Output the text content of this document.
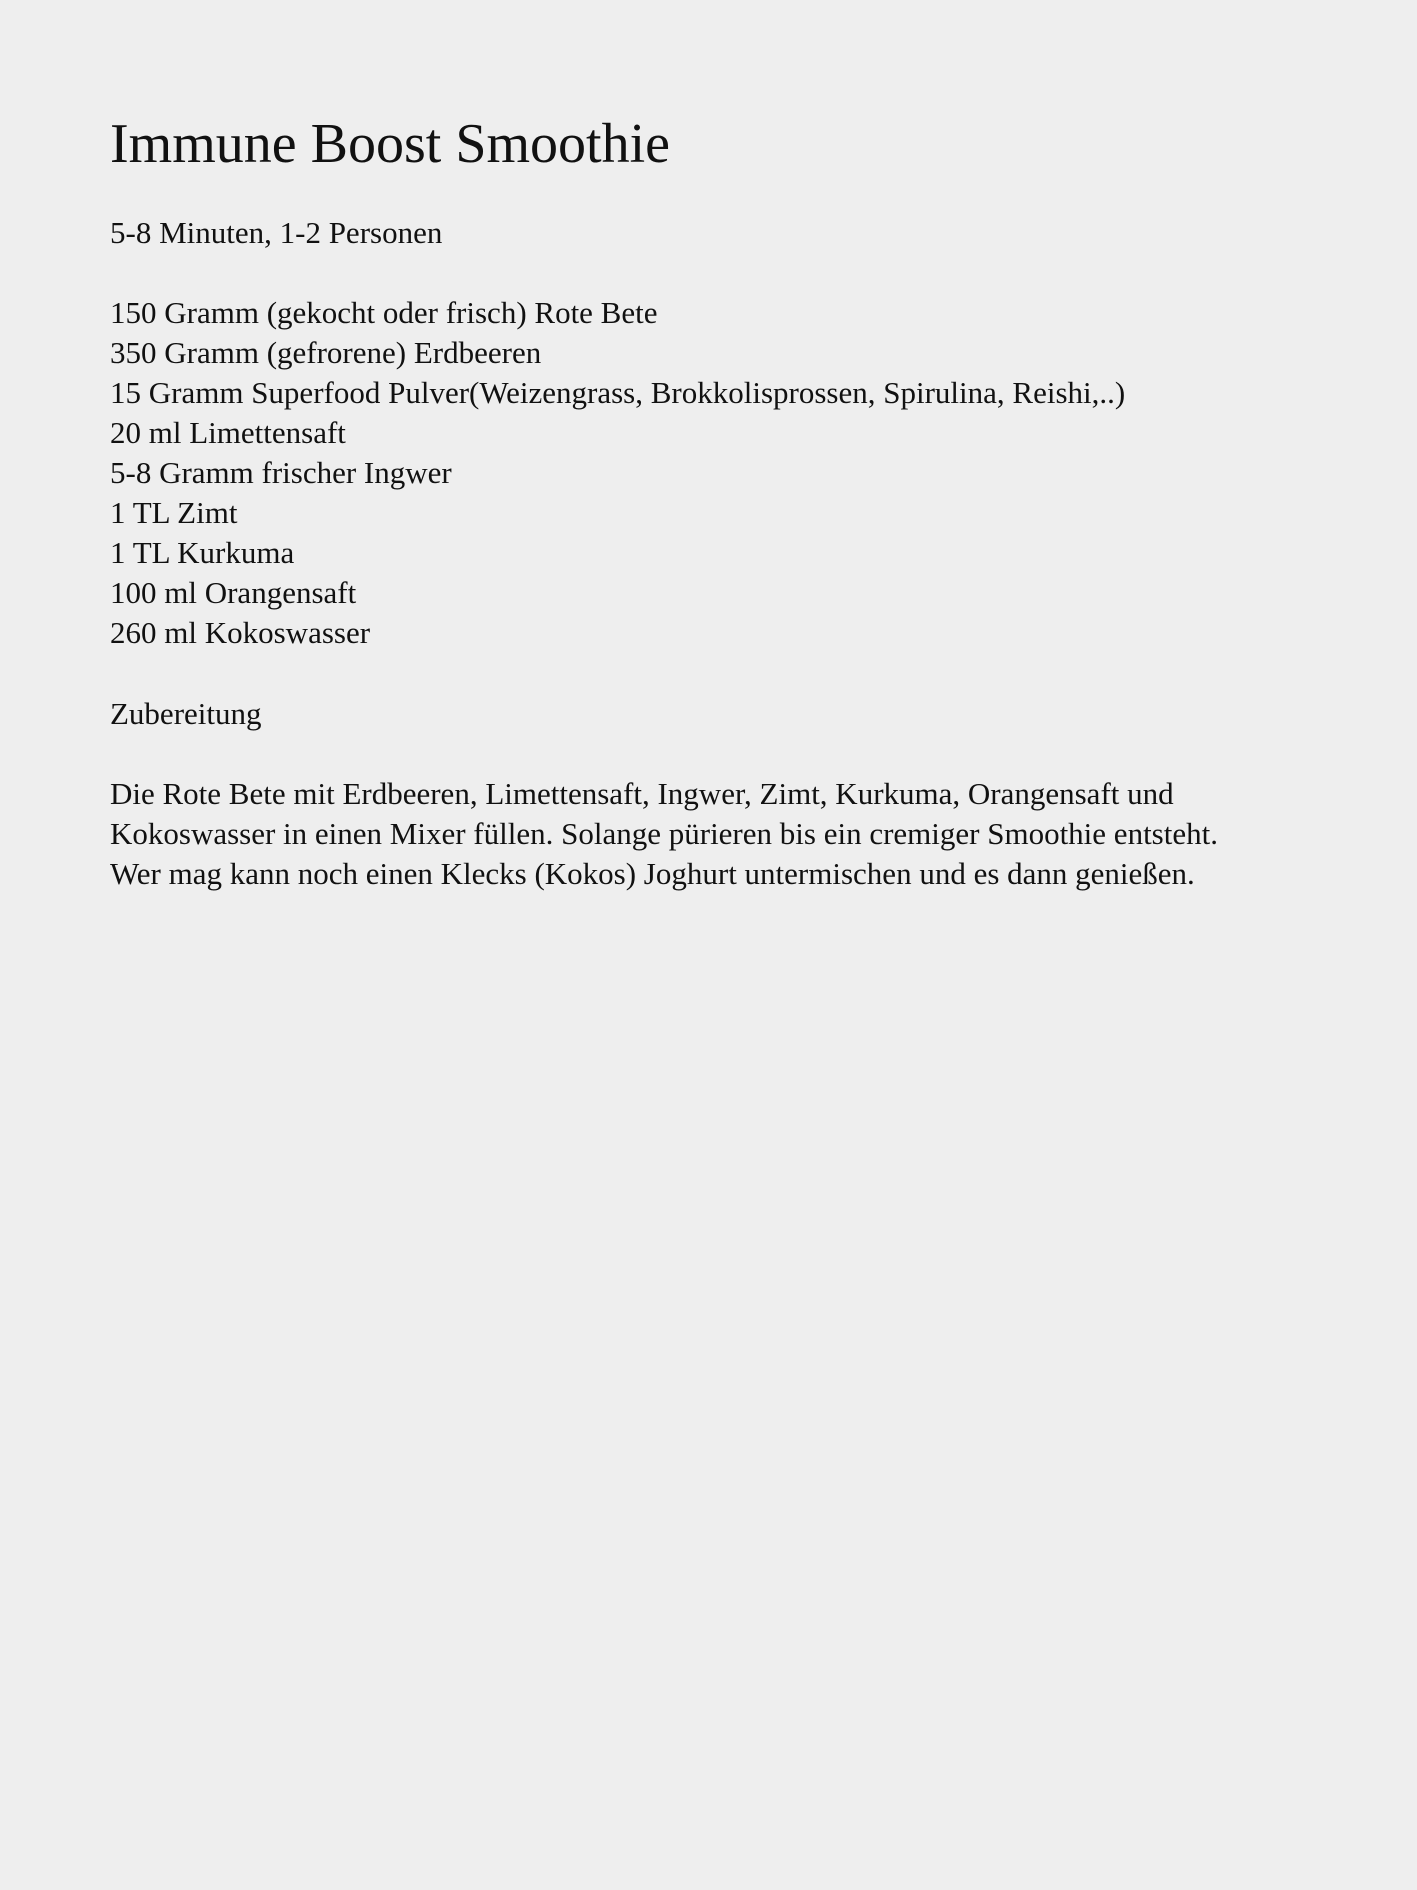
Immune Boost Smoothie

5-8 Minuten, 1-2 Personen

150 Gramm (gekocht oder frisch) Rote Bete
350 Gramm (gefrorene) Erdbeeren
15 Gramm Superfood Pulver(Weizengrass, Brokkolisprossen, Spirulina, Reishi,..)
20 ml Limettensaft
5-8 Gramm frischer Ingwer
1 TL Zimt
1 TL Kurkuma
100 ml Orangensaft
260 ml Kokoswasser
Zubereitung

Die Rote Bete mit Erdbeeren, Limettensaft, Ingwer, Zimt, Kurkuma, Orangensaft und
Kokoswasser in einen Mixer füllen. Solange pürieren bis ein cremiger Smoothie entsteht.
Wer mag kann noch einen Klecks (Kokos) Joghurt untermischen und es dann genießen.
